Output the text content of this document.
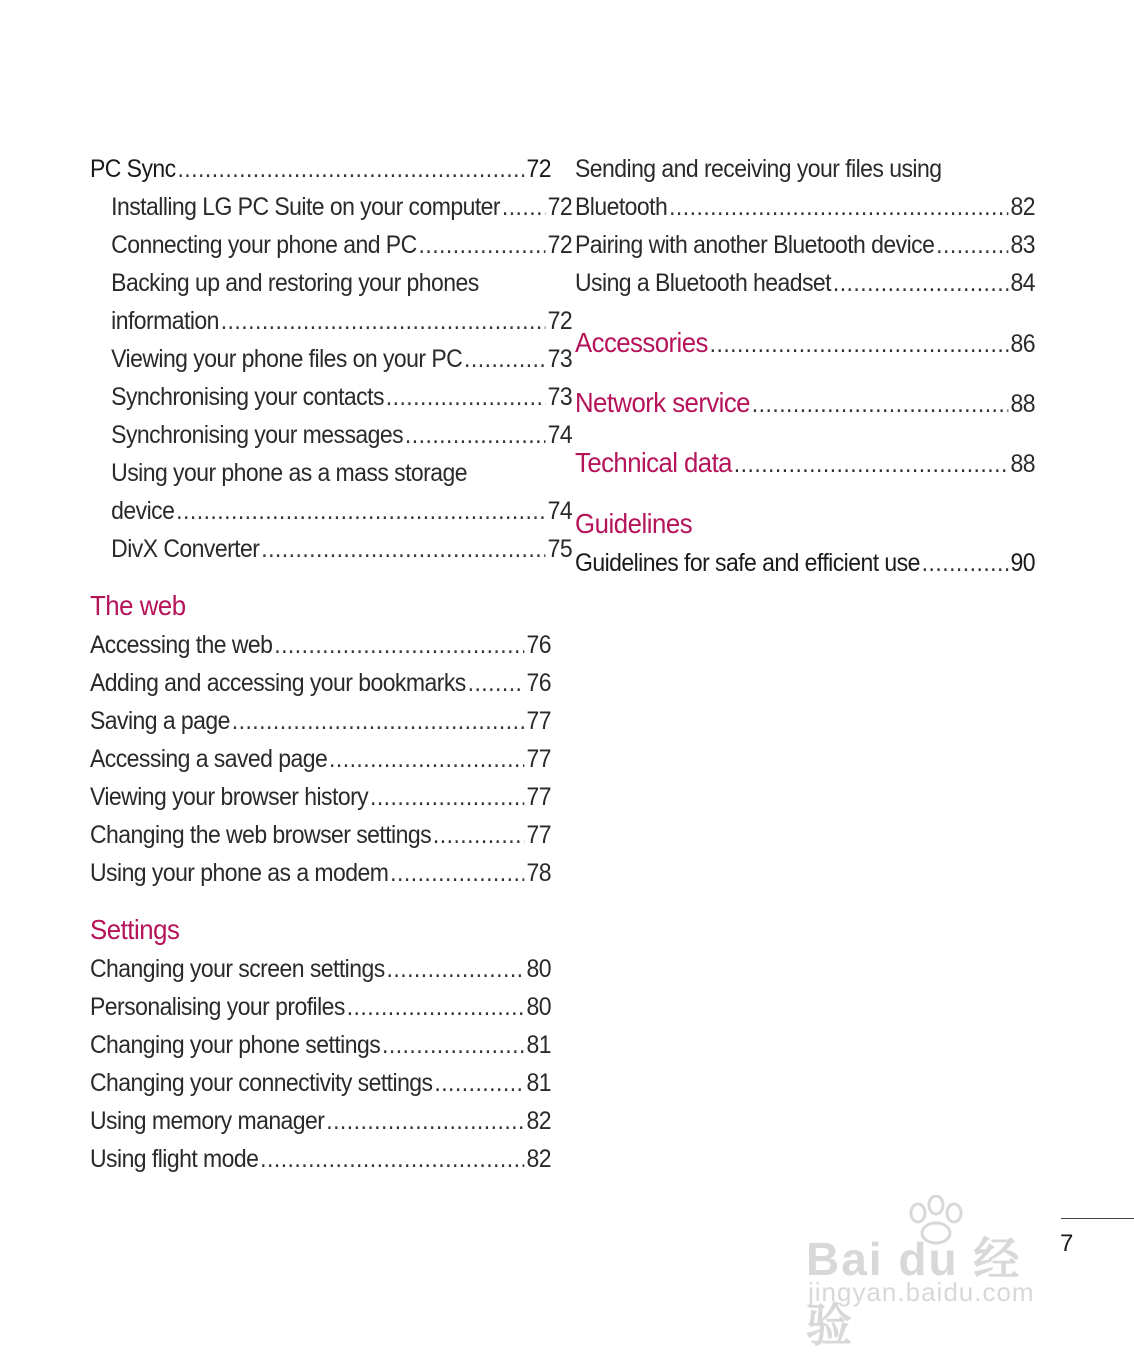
PC Sync .....	72
Installing LG PC Suite on your computer ..... 72
Connecting your phone and PC .....	72
Backing up and restoring your phones
information .....	72
Viewing your phone files on your PC .....	73
Synchronising your contacts .....	73
Synchronising your messages .....	74
Using your phone as a mass storage
device .....	74
DivX Converter .....	75
The web
Accessing the web .....	76
Adding and accessing your bookmarks ..... 76
Saving a page .....	77
Accessing a saved page .....	77
Viewing your browser history .....	77
Changing the web browser settings .....	77
Using your phone as a modem .....	78
Settings
Changing your screen settings .....	80
Personalising your profiles .....	80
Changing your phone settings .....	81
Changing your connectivity settings .....	81
Using memory manager .....	82
Using flight mode .....	82
Sending and receiving your files using
Bluetooth .....	82
Pairing with another Bluetooth device .....	83
Using a Bluetooth headset .....	84
Accessories .....	86
Network service .....	88
Technical data .....	88
Guidelines
Guidelines for safe and efficient use .....	90
7
Bai du 经验
jingyan.baidu.com
